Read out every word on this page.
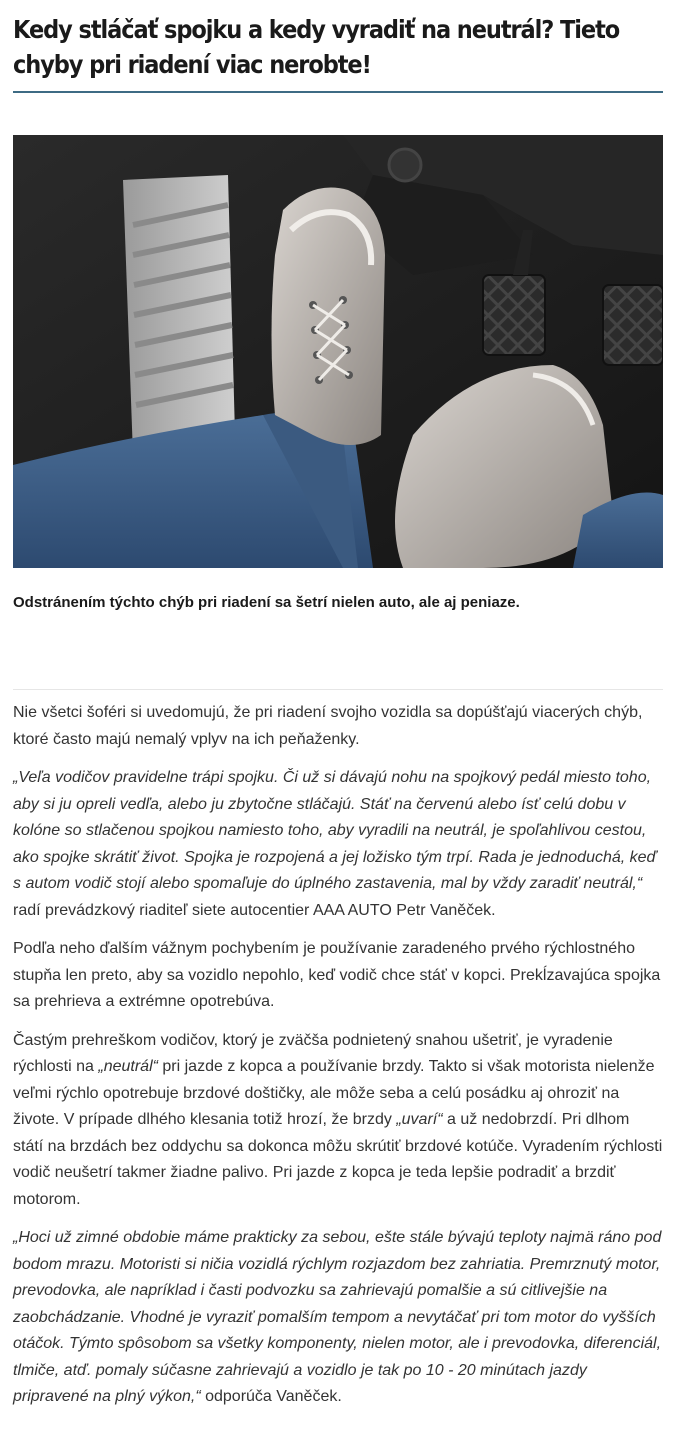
Kedy stláčať spojku a kedy vyradiť na neutrál? Tieto chyby pri riadení viac nerobte!

Odstránením týchto chýb pri riadení sa šetrí nielen auto, ale aj peniaze.

Nie všetci šoféri si uvedomujú, že pri riadení svojho vozidla sa dopúšťajú viacerých chýb, ktoré často majú nemalý vplyv na ich peňaženky.

„Veľa vodičov pravidelne trápi spojku. Či už si dávajú nohu na spojkový pedál miesto toho, aby si ju opreli vedľa, alebo ju zbytočne stláčajú. Stáť na červenú alebo ísť celú dobu v kolóne so stlačenou spojkou namiesto toho, aby vyradili na neutrál, je spoľahlivou cestou, ako spojke skrátiť život. Spojka je rozpojená a jej ložisko tým trpí. Rada je jednoduchá, keď s autom vodič stojí alebo spomaľuje do úplného zastavenia, mal by vždy zaradiť neutrál,“ radí prevádzkový riaditeľ siete autocentier AAA AUTO Petr Vaněček.

Podľa neho ďalším vážnym pochybením je používanie zaradeného prvého rýchlostného stupňa len preto, aby sa vozidlo nepohlo, keď vodič chce stáť v kopci. Prekĺzavajúca spojka sa prehrieva a extrémne opotrebúva.

Častým prehreškom vodičov, ktorý je zväčša podnietený snahou ušetriť, je vyradenie rýchlosti na „neutrál“ pri jazde z kopca a používanie brzdy. Takto si však motorista nielenže veľmi rýchlo opotrebuje brzdové doštičky, ale môže seba a celú posádku aj ohroziť na živote. V prípade dlhého klesania totiž hrozí, že brzdy „uvarí“ a už nedobrzdí. Pri dlhom státí na brzdách bez oddychu sa dokonca môžu skrútiť brzdové kotúče. Vyradením rýchlosti vodič neušetrí takmer žiadne palivo. Pri jazde z kopca je teda lepšie podradiť a brzdiť motorom.

„Hoci už zimné obdobie máme prakticky za sebou, ešte stále bývajú teploty najmä ráno pod bodom mrazu. Motoristi si ničia vozidlá rýchlym rozjazdom bez zahriatia. Premrznutý motor, prevodovka, ale napríklad i časti podvozku sa zahrievajú pomalšie a sú citlivejšie na zaobchádzanie. Vhodné je vyraziť pomalším tempom a nevytáčať pri tom motor do vyšších otáčok. Týmto spôsobom sa všetky komponenty, nielen motor, ale i prevodovka, diferenciál, tlmiče, atď. pomaly súčasne zahrievajú a vozidlo je tak po 10 - 20 minútach jazdy pripravené na plný výkon,“ odporúča Vaněček.
